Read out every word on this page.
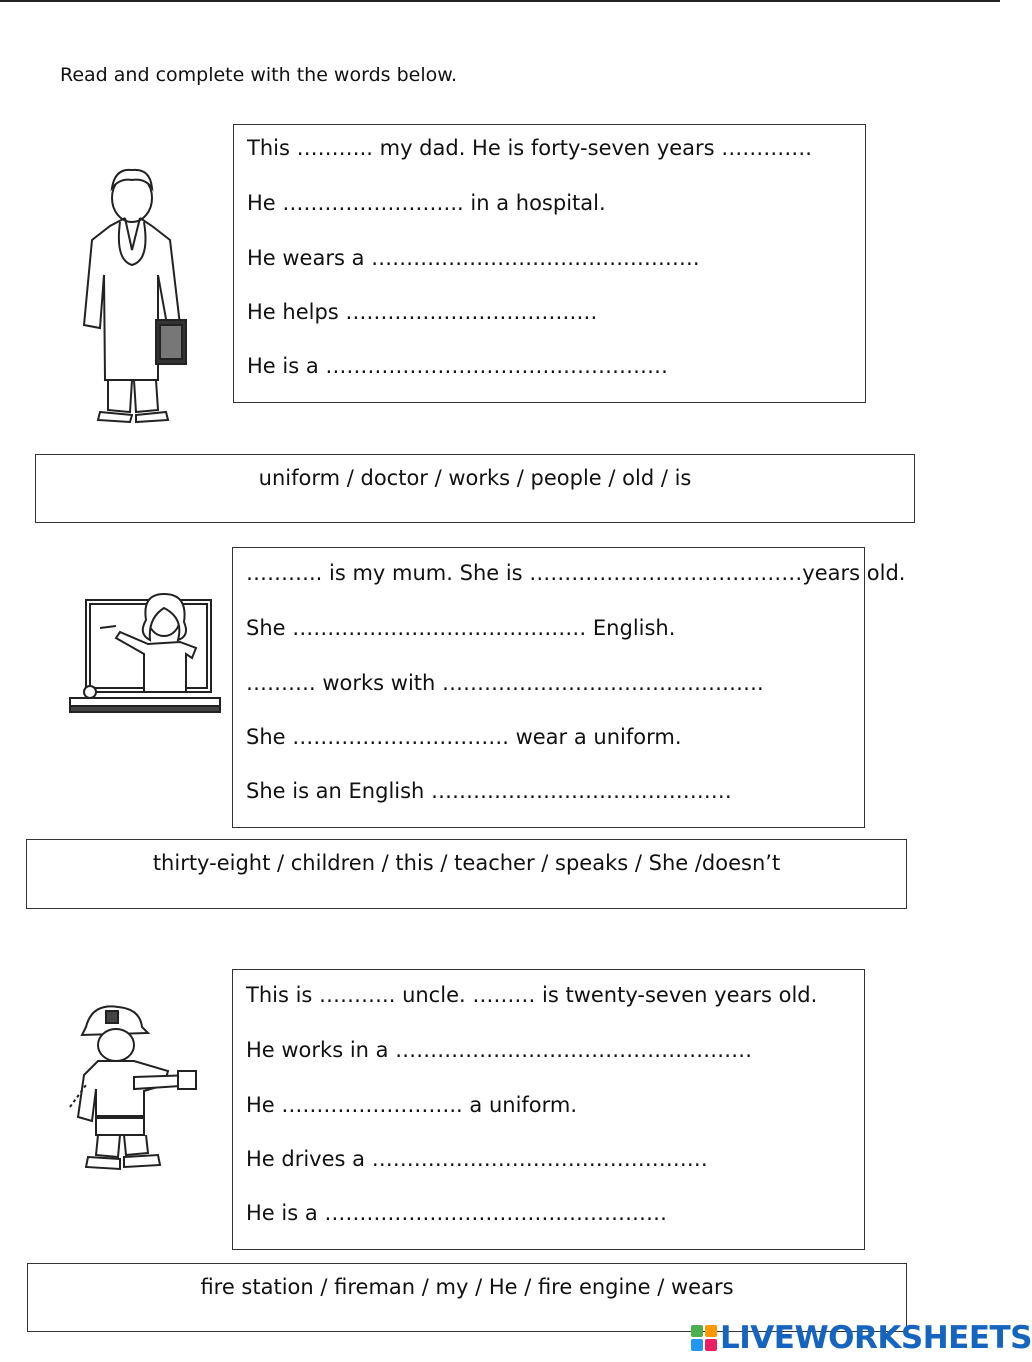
Read and complete with the words below.
This ……….. my dad. He is forty-seven years ………….
He …………………….. in a hospital.
He wears a ……………………………….……….
He helps ………………………………
He is a …………………………….……………
uniform / doctor / works / people / old / is
……….. is my mum. She is …………………………………years old.
She …………………………………… English.
………. works with ……………………………………….
She …………………………. wear a uniform.
She is an English ……………………….……………
thirty-eight / children / this / teacher / speaks / She /doesn’t
This is ……….. uncle. ……… is twenty-seven years old.
He works in a ……………………………………………
He …………………….. a uniform.
He drives a …………………………………………
He is a …………………………….……………
fire station / fireman / my / He / fire engine / wears
LIVEWORKSHEETS
